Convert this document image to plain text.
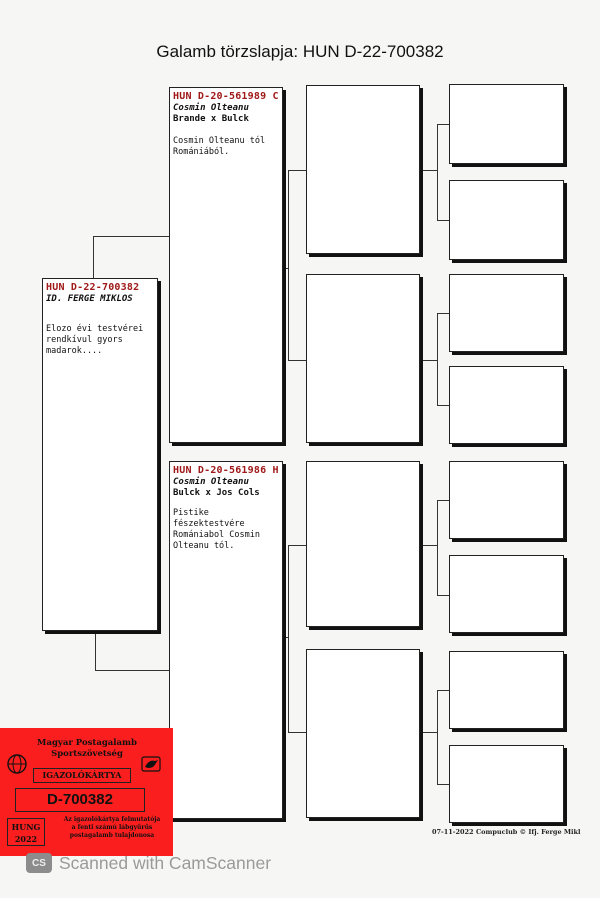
Galamb törzslapja: HUN D-22-700382
HUN D-22-700382
ID. FERGE MIKLOS
Elozo évi testvérei
rendkívul gyors
madarok....
HUN D-20-561989 C
Cosmin Olteanu
Brande x Bulck
Cosmin Olteanu tól
Romániából.
HUN D-20-561986 H
Cosmin Olteanu
Bulck x Jos Cols
Pistike
fészektestvére
Romániabol Cosmin
Olteanu tól.
Magyar Postagalamb
Sportszövetség
IGAZOLÓKÁRTYA
D-700382
HUNG
2022
Az igazolókártya felmutatója
a fenti számú lábgyűrűs
postagalamb tulajdonosa	07-11-2022 Compuclub © Ifj. Ferge Mikl
CS Scanned with CamScanner
